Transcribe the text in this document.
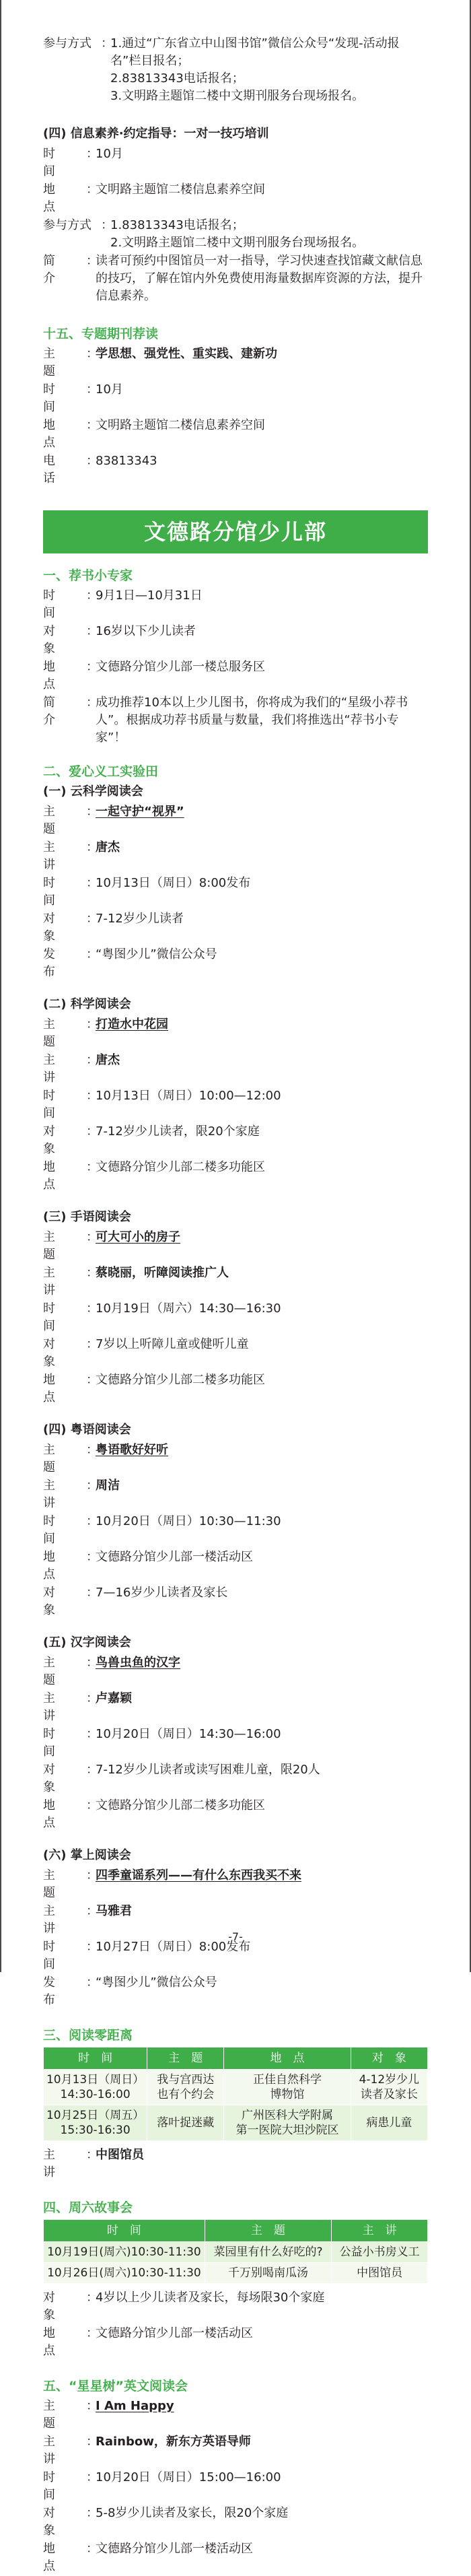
参与方式 ：
1.通过“广东省立中山图书馆”微信公众号“发现-活动报名”栏目报名；
2.83813343电话报名；
3.文明路主题馆二楼中文期刊服务台现场报名。
(四) 信息素养·约定指导：一对一技巧培训
时　　间
：
10月
地　　点
：
文明路主题馆二楼信息素养空间
参与方式 ：
1.83813343电话报名；
2.文明路主题馆二楼中文期刊服务台现场报名。
简　　介
：
读者可预约中图馆员一对一指导，学习快速查找馆藏文献信息的技巧，了解在馆内外免费使用海量数据库资源的方法，提升信息素养。
十五、专题期刊荐读
主　　题
：
学思想、强党性、重实践、建新功
时　　间
：
10月
地　　点
：
文明路主题馆二楼信息素养空间
电　　话
：
83813343
文德路分馆少儿部
一、荐书小专家
时　　间
：
9月1日—10月31日
对　　象
：
16岁以下少儿读者
地　　点
：
文德路分馆少儿部一楼总服务区
简　　介
：
成功推荐10本以上少儿图书，你将成为我们的“星级小荐书人”。根据成功荐书质量与数量，我们将推选出“荐书小专家”！
二、爱心义工实验田
(一) 云科学阅读会
主　　题
：
一起守护“视界”
主　　讲
：
唐杰
时　　间
：
10月13日（周日）8:00发布
对　　象
：
7-12岁少儿读者
发　　布
：
“粤图少儿”微信公众号
(二) 科学阅读会
主　　题
：
打造水中花园
主　　讲
：
唐杰
时　　间
：
10月13日（周日）10:00—12:00
对　　象
：
7-12岁少儿读者，限20个家庭
地　　点
：
文德路分馆少儿部二楼多功能区
(三) 手语阅读会
主　　题
：
可大可小的房子
主　　讲
：
蔡晓丽，听障阅读推广人
时　　间
：
10月19日（周六）14:30—16:30
对　　象
：
7岁以上听障儿童或健听儿童
地　　点
：
文德路分馆少儿部二楼多功能区
(四) 粤语阅读会
主　　题
：
粤语歌好好听
主　　讲
：
周洁
时　　间
：
10月20日（周日）10:30—11:30
地　　点
：
文德路分馆少儿部一楼活动区
对　　象
：
7—16岁少儿读者及家长
(五) 汉字阅读会
主　　题
：
鸟兽虫鱼的汉字
主　　讲
：
卢嘉颖
时　　间
：
10月20日（周日）14:30—16:00
对　　象
：
7-12岁少儿读者或读写困难儿童，限20人
地　　点
：
文德路分馆少儿部二楼多功能区
(六) 掌上阅读会
主　　题
：
四季童谣系列——有什么东西我买不来
主　　讲
：
马雅君
时　　间
：
10月27日（周日）8:00发布
发　　布
：
“粤图少儿”微信公众号
三、阅读零距离
时　间	主　题	地　点	对　象
10月13日（周日）
14:30-16:00	我与宫西达
也有个约会	正佳自然科学
博物馆	4-12岁少儿
读者及家长
10月25日（周五）
15:30-16:30	落叶捉迷藏	广州医科大学附属
第一医院大坦沙院区	病患儿童
主　　讲
：
中图馆员
四、周六故事会
时　间	主　题	主　讲
10月19日(周六)10:30-11:30	菜园里有什么好吃的?	公益小书房义工
10月26日(周六)10:30-11:30	千万别喝南瓜汤	中图馆员
对　　象
：
4岁以上少儿读者及家长，每场限30个家庭
地　　点
：
文德路分馆少儿部一楼活动区
五、“星星树”英文阅读会
主　　题
：
I Am Happy
主　　讲
：
Rainbow，新东方英语导师
时　　间
：
10月20日（周日）15:00—16:00
对　　象
：
5-8岁少儿读者及家长，限20个家庭
地　　点
：
文德路分馆少儿部一楼活动区
-7-
